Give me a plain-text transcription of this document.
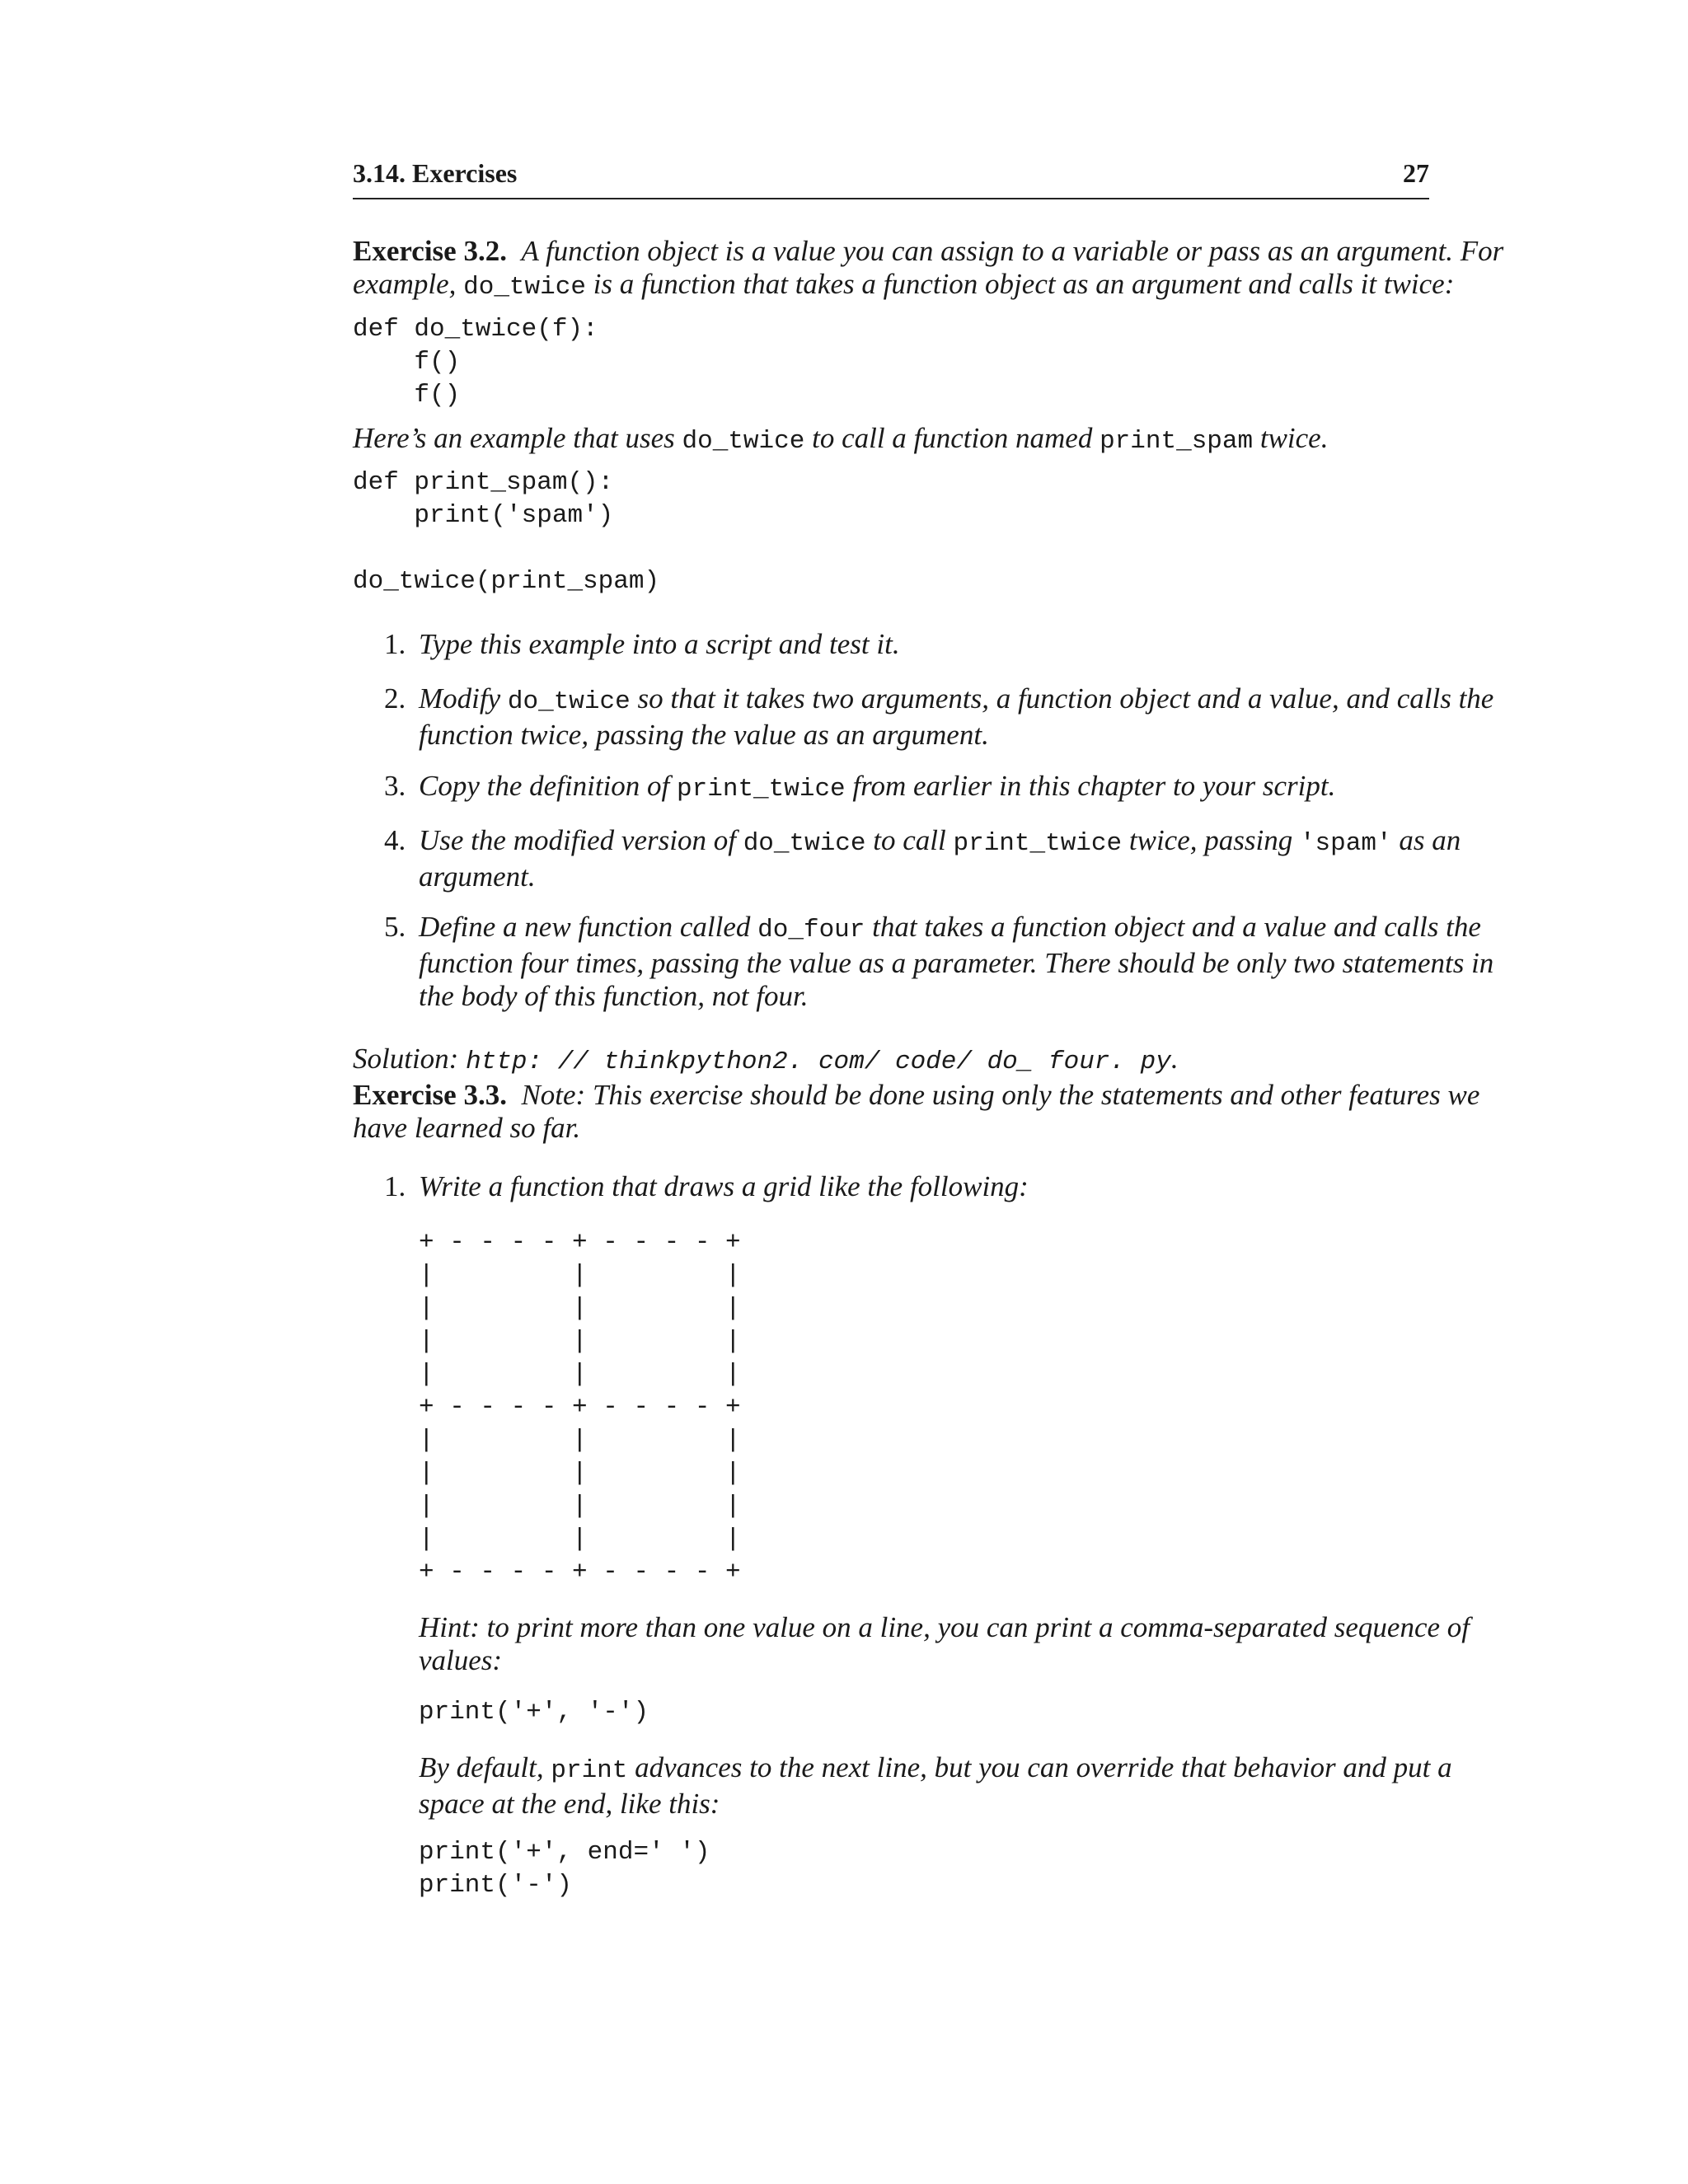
3.14. Exercises	27
Exercise 3.2. A function object is a value you can assign to a variable or pass as an argument. For
example, do_twice is a function that takes a function object as an argument and calls it twice:
def do_twice(f):
f()
f()
Here’s an example that uses do_twice to call a function named print_spam twice.
def print_spam():
print('spam')

do_twice(print_spam)
1. Type this example into a script and test it.
2. Modify do_twice so that it takes two arguments, a function object and a value, and calls the
function twice, passing the value as an argument.
3. Copy the definition of print_twice from earlier in this chapter to your script.
4. Use the modified version of do_twice to call print_twice twice, passing 'spam' as an
argument.
5. Define a new function called do_four that takes a function object and a value and calls the
function four times, passing the value as a parameter. There should be only two statements in
the body of this function, not four.
Solution: http: // thinkpython2. com/ code/ do_ four. py.
Exercise 3.3. Note: This exercise should be done using only the statements and other features we
have learned so far.
1. Write a function that draws a grid like the following:
+ - - - - + - - - - +
|         |         |
|         |         |
|         |         |
|         |         |
+ - - - - + - - - - +
|         |         |
|         |         |
|         |         |
|         |         |
+ - - - - + - - - - +
Hint: to print more than one value on a line, you can print a comma-separated sequence of
values:
print('+', '-')
By default, print advances to the next line, but you can override that behavior and put a
space at the end, like this:
print('+', end=' ')
print('-')
